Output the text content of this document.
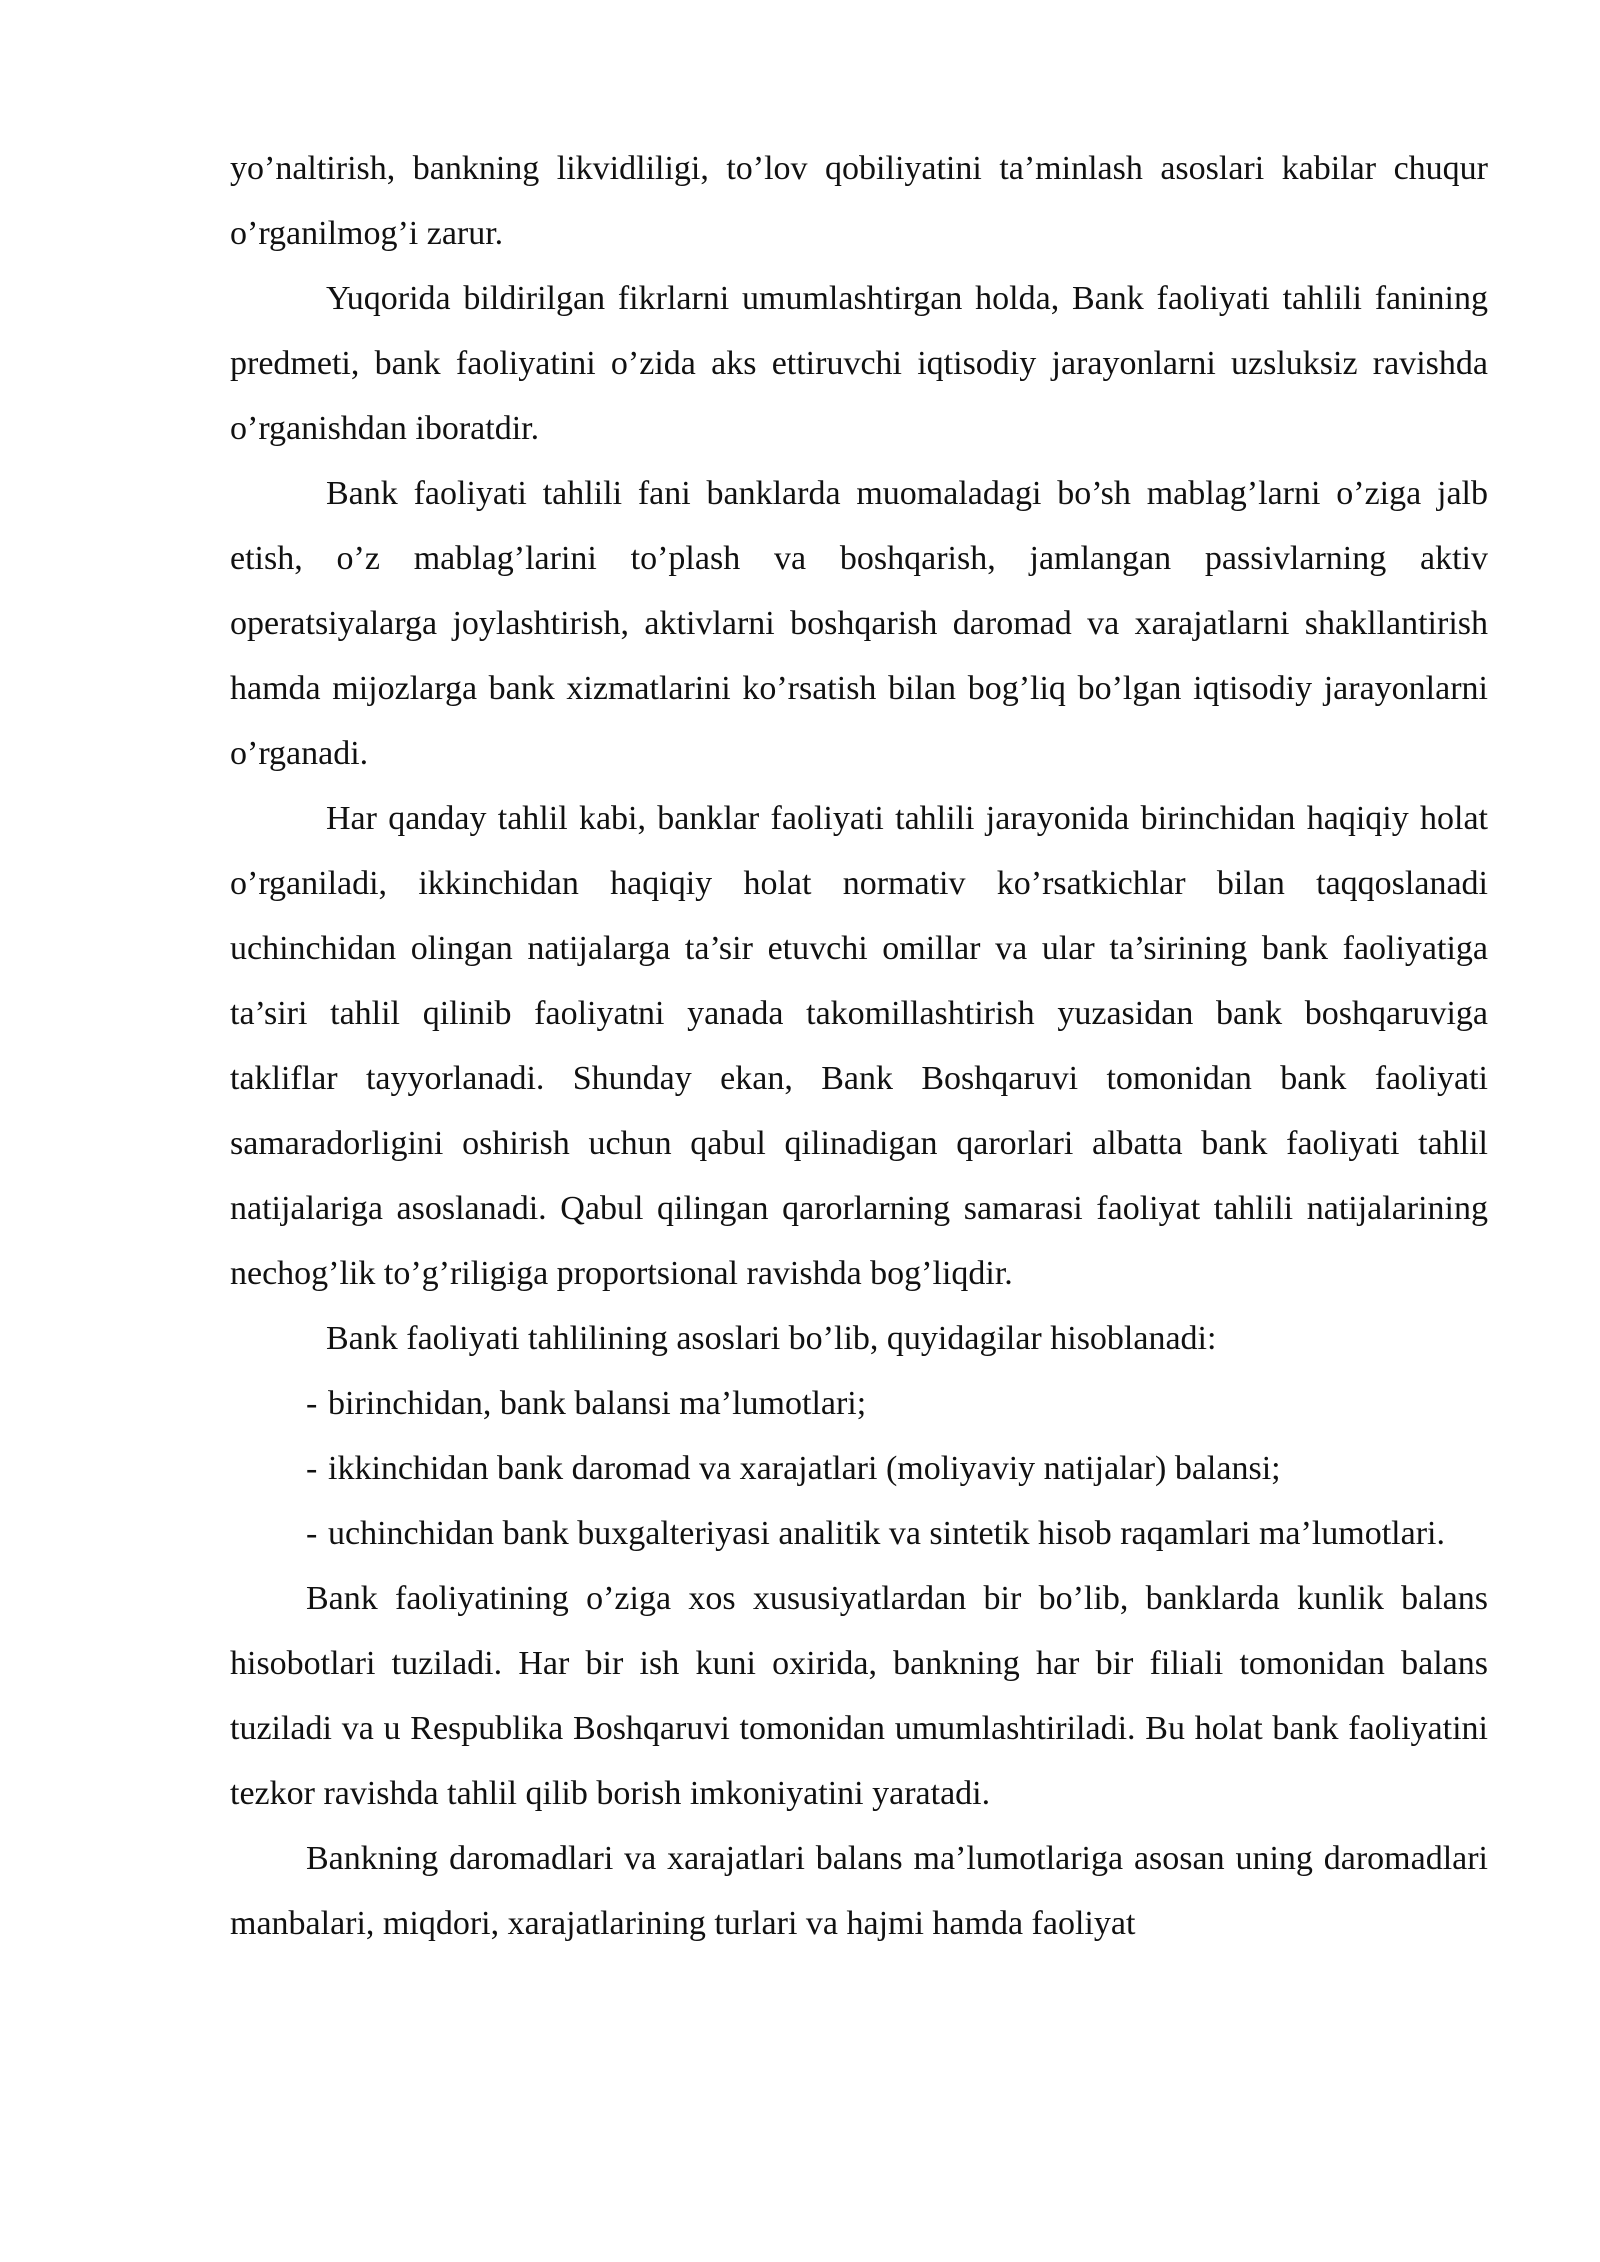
yo’naltirish, bankning likvidliligi, to’lov qobiliyatini ta’minlash asoslari kabilar chuqur o’rganilmog’i zarur.

Yuqorida bildirilgan fikrlarni umumlashtirgan holda, Bank faoliyati tahlili fanining predmeti, bank faoliyatini o’zida aks ettiruvchi iqtisodiy jarayonlarni uzsluksiz ravishda o’rganishdan iboratdir.

Bank faoliyati tahlili fani banklarda muomaladagi bo’sh mablag’larni o’ziga jalb etish, o’z mablag’larini to’plash va boshqarish, jamlangan passivlarning aktiv operatsiyalarga joylashtirish, aktivlarni boshqarish daromad va xarajatlarni shakllantirish hamda mijozlarga bank xizmatlarini ko’rsatish bilan bog’liq bo’lgan iqtisodiy jarayonlarni o’rganadi.

Har qanday tahlil kabi, banklar faoliyati tahlili jarayonida birinchidan haqiqiy holat o’rganiladi, ikkinchidan haqiqiy holat normativ ko’rsatkichlar bilan taqqoslanadi uchinchidan olingan natijalarga ta’sir etuvchi omillar va ular ta’sirining bank faoliyatiga ta’siri tahlil qilinib faoliyatni yanada takomillashtirish yuzasidan bank boshqaruviga takliflar tayyorlanadi. Shunday ekan, Bank Boshqaruvi tomonidan bank faoliyati samaradorligini oshirish uchun qabul qilinadigan qarorlari albatta bank faoliyati tahlil natijalariga asoslanadi. Qabul qilingan qarorlarning samarasi faoliyat tahlili natijalarining nechog’lik to’g’riligiga proportsional ravishda bog’liqdir.

Bank faoliyati tahlilining asoslari bo’lib, quyidagilar hisoblanadi:

- birinchidan, bank balansi ma’lumotlari;
- ikkinchidan bank daromad va xarajatlari (moliyaviy natijalar) balansi;
- uchinchidan bank buxgalteriyasi analitik va sintetik hisob raqamlari ma’lumotlari.

Bank faoliyatining o’ziga xos xususiyatlardan bir bo’lib, banklarda kunlik balans hisobotlari tuziladi. Har bir ish kuni oxirida, bankning har bir filiali tomonidan balans tuziladi va u Respublika Boshqaruvi tomonidan umumlashtiriladi. Bu holat bank faoliyatini tezkor ravishda tahlil qilib borish imkoniyatini yaratadi.

Bankning daromadlari va xarajatlari balans ma’lumotlariga asosan uning daromadlari manbalari, miqdori, xarajatlarining turlari va hajmi hamda faoliyat
